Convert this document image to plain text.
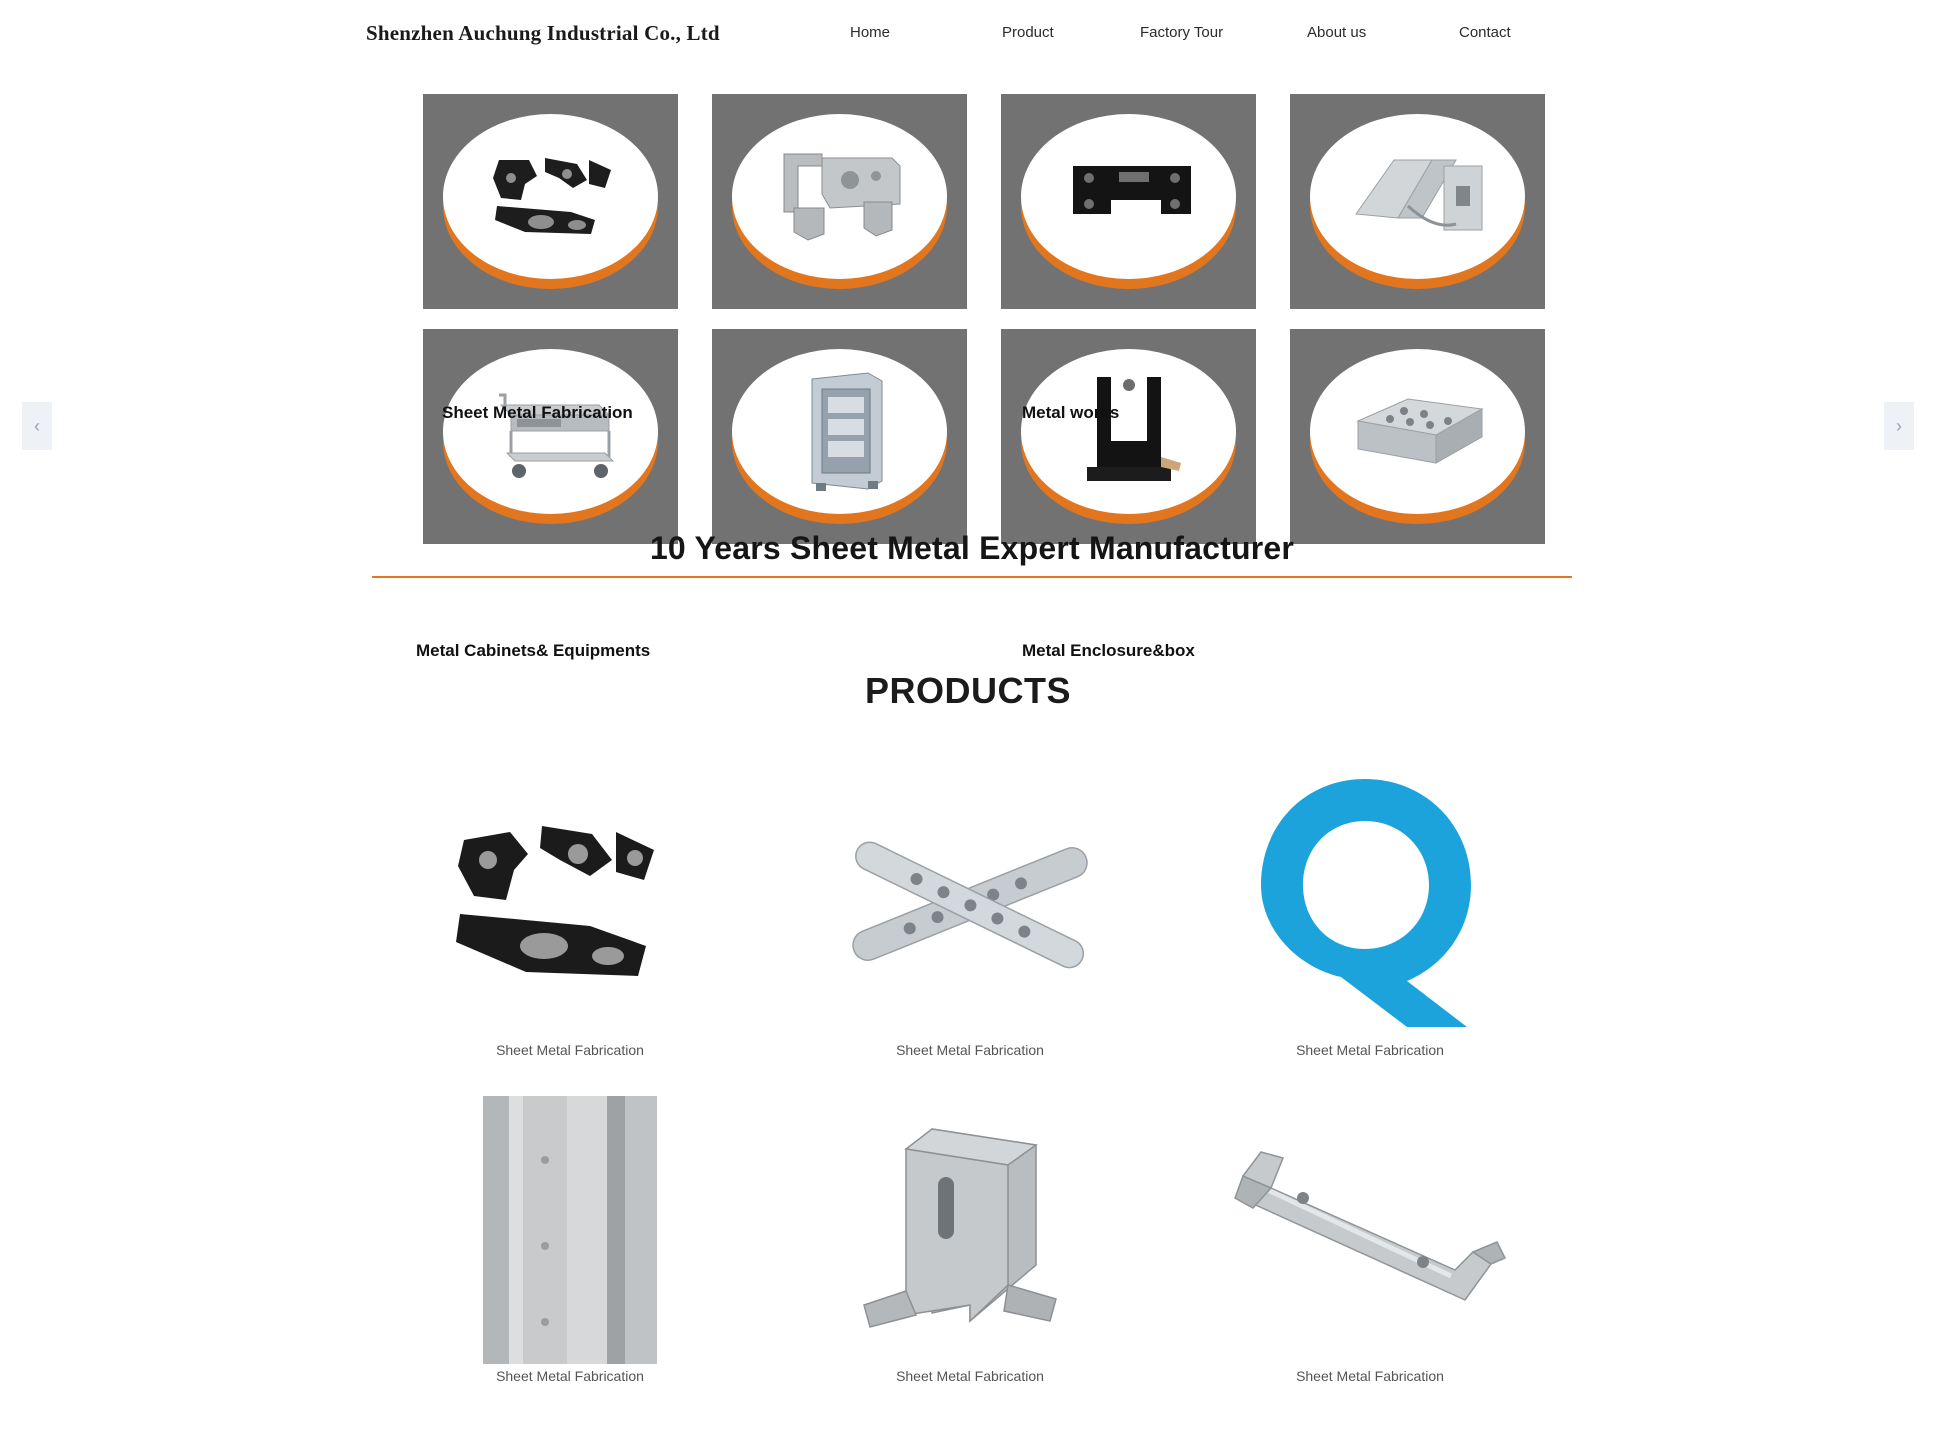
Shenzhen Auchung Industrial Co., Ltd	Home	Product	Factory Tour	About us	Contact
‹	›
Sheet Metal Fabrication	Metal works
Metal Cabinets& Equipments	Metal Enclosure&box
10 Years Sheet Metal Expert Manufacturer
PRODUCTS
Sheet Metal Fabrication	Sheet Metal Fabrication	Sheet Metal Fabrication
Sheet Metal Fabrication	Sheet Metal Fabrication	Sheet Metal Fabrication
